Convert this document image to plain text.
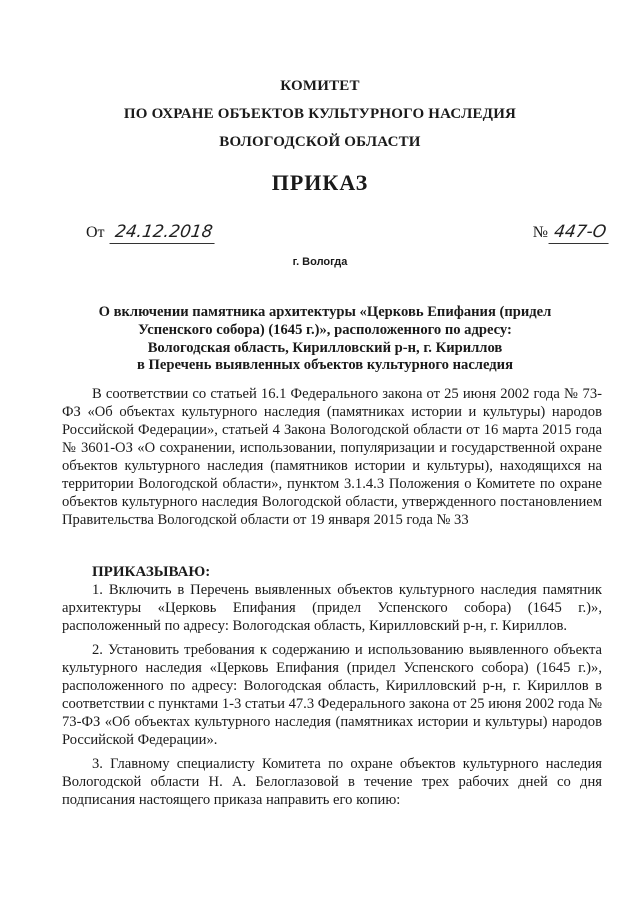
КОМИТЕТ
ПО ОХРАНЕ ОБЪЕКТОВ КУЛЬТУРНОГО НАСЛЕДИЯ
ВОЛОГОДСКОЙ ОБЛАСТИ
ПРИКАЗ
От 24.12.2018	№ 447-О
г. Вологда
О включении памятника архитектуры «Церковь Епифания (придел
Успенского собора) (1645 г.)», расположенного по адресу:
Вологодская область, Кирилловский р-н, г. Кириллов
в Перечень выявленных объектов культурного наследия

В соответствии со статьей 16.1 Федерального закона от 25 июня 2002 года № 73-ФЗ «Об объектах культурного наследия (памятниках истории и культуры) народов Российской Федерации», статьей 4 Закона Вологодской области от 16 марта 2015 года № 3601-ОЗ «О сохранении, использовании, популяризации и государственной охране объектов культурного наследия (памятников истории и культуры), находящихся на территории Вологодской области», пунктом 3.1.4.3 Положения о Комитете по охране объектов культурного наследия Вологодской области, утвержденного постановлением Правительства Вологодской области от 19 января 2015 года № 33

ПРИКАЗЫВАЮ:

1. Включить в Перечень выявленных объектов культурного наследия памятник архитектуры «Церковь Епифания (придел Успенского собора) (1645 г.)», расположенный по адресу: Вологодская область, Кирилловский р-н, г. Кириллов.

2. Установить требования к содержанию и использованию выявленного объекта культурного наследия «Церковь Епифания (придел Успенского собора) (1645 г.)», расположенного по адресу: Вологодская область, Кирилловский р-н, г. Кириллов в соответствии с пунктами 1-3 статьи 47.3 Федерального закона от 25 июня 2002 года № 73-ФЗ «Об объектах культурного наследия (памятниках истории и культуры) народов Российской Федерации».

3. Главному специалисту Комитета по охране объектов культурного наследия Вологодской области Н. А. Белоглазовой в течение трех рабочих дней со дня подписания настоящего приказа направить его копию:
